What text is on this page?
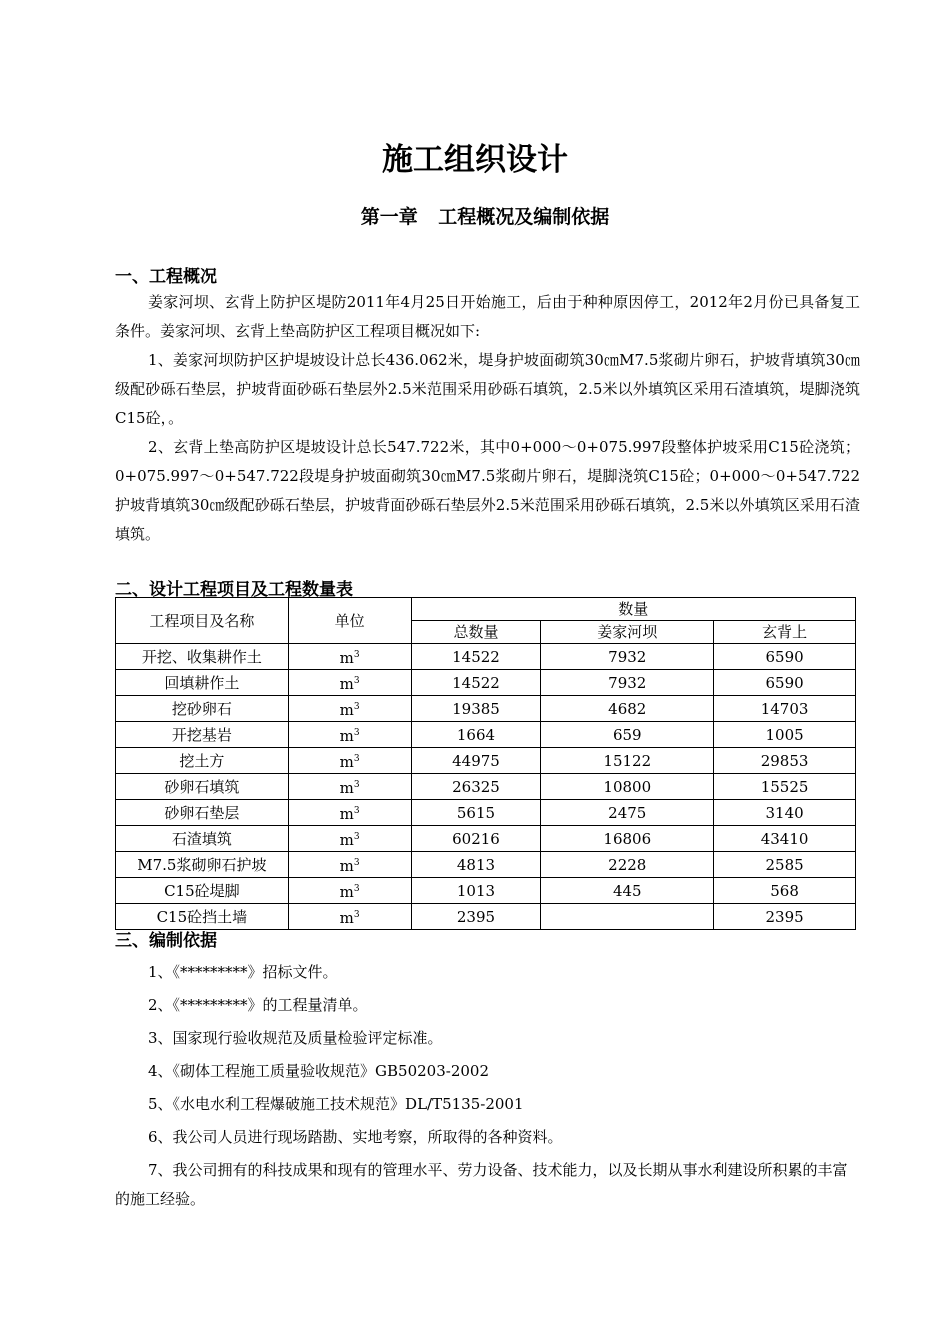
施工组织设计
第一章 工程概况及编制依据
一、工程概况

姜家河坝、玄背上防护区堤防2011年4月25日开始施工，后由于种种原因停工，2012年2月份已具备复工条件。姜家河坝、玄背上垫高防护区工程项目概况如下:

1、姜家河坝防护区护堤坡设计总长436.062米，堤身护坡面砌筑30㎝M7.5浆砌片卵石，护坡背填筑30㎝级配砂砾石垫层，护坡背面砂砾石垫层外2.5米范围采用砂砾石填筑，2.5米以外填筑区采用石渣填筑，堤脚浇筑C15砼，。

2、玄背上垫高防护区堤坡设计总长547.722米，其中0+000～0+075.997段整体护坡采用C15砼浇筑；0+075.997～0+547.722段堤身护坡面砌筑30㎝M7.5浆砌片卵石，堤脚浇筑C15砼；0+000～0+547.722护坡背填筑30㎝级配砂砾石垫层，护坡背面砂砾石垫层外2.5米范围采用砂砾石填筑，2.5米以外填筑区采用石渣填筑。

二、设计工程项目及工程数量表
工程项目及名称	单位	数量		
		总数量	姜家河坝	玄背上
开挖、收集耕作土	$m^3$	14522	7932	6590
回填耕作土	$m^3$	14522	7932	6590
挖砂卵石	$m^3$	19385	4682	14703
开挖基岩	$m^3$	1664	659	1005
挖土方	$m^3$	44975	15122	29853
砂卵石填筑	$m^3$	26325	10800	15525
砂卵石垫层	$m^3$	5615	2475	3140
石渣填筑	$m^3$	60216	16806	43410
M7.5浆砌卵石护坡	$m^3$	4813	2228	2585
C15砼堤脚	$m^3$	1013	445	568
C15砼挡土墙	$m^3$	2395		2395
三、编制依据

1、《*********》招标文件。

2、《*********》的工程量清单。

3、国家现行验收规范及质量检验评定标准。

4、《砌体工程施工质量验收规范》GB50203-2002

5、《水电水利工程爆破施工技术规范》DL/T5135-2001

6、我公司人员进行现场踏勘、实地考察，所取得的各种资料。

7、我公司拥有的科技成果和现有的管理水平、劳力设备、技术能力，以及长期从事水利建设所积累的丰富的施工经验。
